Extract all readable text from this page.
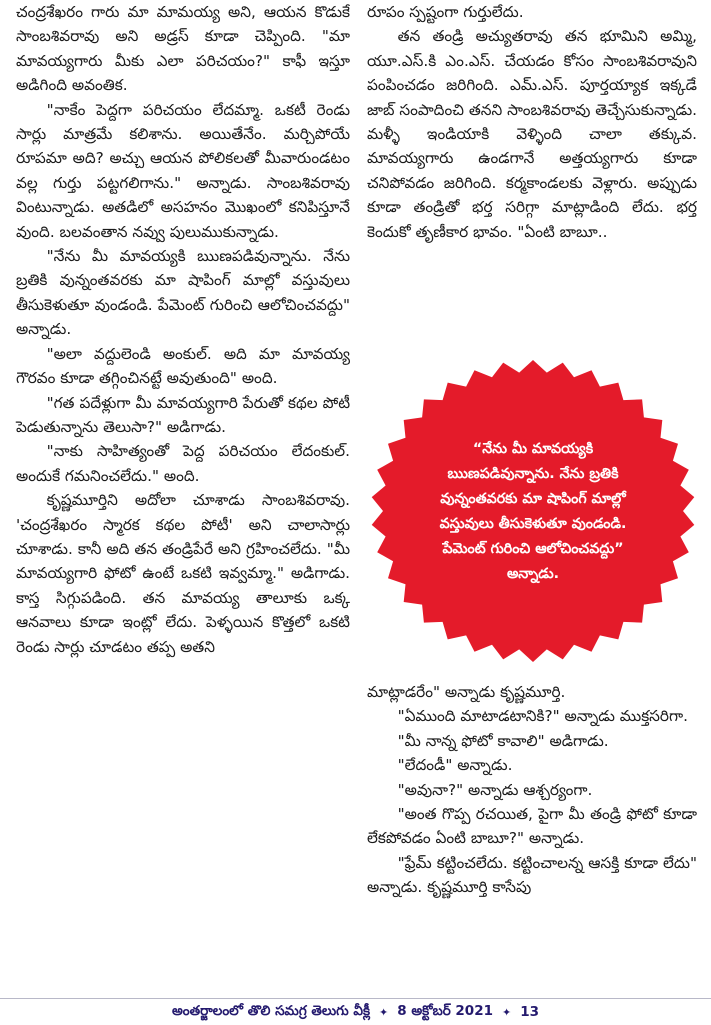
చంద్రశేఖరం గారు మా మామయ్య అని, ఆయన కొడుకే సాంబశివరావు అని అడ్రస్ కూడా చెప్పింది. "మా మావయ్యగారు మీకు ఎలా పరిచయం?" కాఫీ ఇస్తూ అడిగింది అవంతిక.

"నాకేం పెద్దగా పరిచయం లేదమ్మా. ఒకటీ రెండు సార్లు మాత్రమే కలిశాను. అయితేనేం. మర్చిపోయే రూపమా అది? అచ్చు ఆయన పోలికలతో మీవారుండటం వల్ల గుర్తు పట్టగలిగాను." అన్నాడు. సాంబశివరావు వింటున్నాడు. అతడిలో అసహనం మొఖంలో కనిపిస్తూనే వుంది. బలవంతాన నవ్వు పులుముకున్నాడు.

"నేను మీ మావయ్యకి ఋణపడివున్నాను. నేను బ్రతికి వున్నంతవరకు మా షాపింగ్ మాల్లో వస్తువులు తీసుకెళుతూ వుండండి. పేమెంట్ గురించి ఆలోచించవద్దు" అన్నాడు.

"అలా వద్దులెండి అంకుల్. అది మా మావయ్య గౌరవం కూడా తగ్గించినట్టే అవుతుంది" అంది.

"గత పదేళ్లుగా మీ మావయ్యగారి పేరుతో కథల పోటీ పెడుతున్నాను తెలుసా?" అడిగాడు.

"నాకు సాహిత్యంతో పెద్ద పరిచయం లేదంకుల్. అందుకే గమనించలేదు." అంది.

కృష్ణమూర్తిని అదోలా చూశాడు సాంబశివరావు. 'చంద్రశేఖరం స్మారక కథల పోటీ' అని చాలాసార్లు చూశాడు. కానీ అది తన తండ్రిపేరే అని గ్రహించలేదు. "మీ మావయ్యగారి ఫోటో ఉంటే ఒకటి ఇవ్వమ్మా." అడిగాడు. కాస్త సిగ్గుపడింది. తన మావయ్య తాలూకు ఒక్క ఆనవాలు కూడా ఇంట్లో లేదు. పెళ్ళయిన కొత్తలో ఒకటి రెండు సార్లు చూడటం తప్ప అతని

రూపం స్పష్టంగా గుర్తులేదు.

తన తండ్రి అచ్యుతరావు తన భూమిని అమ్మి, యూ.ఎస్.కి ఎం.ఎస్. చేయడం కోసం సాంబశివరావుని పంపించడం జరిగింది. ఎమ్.ఎస్. పూర్తయ్యాక ఇక్కడే జాబ్ సంపాదించి తనని సాంబశివరావు తెచ్చేసుకున్నాడు. మళ్ళీ ఇండియాకి వెళ్ళింది చాలా తక్కువ. మావయ్యగారు ఉండగానే అత్తయ్యగారు కూడా చనిపోవడం జరిగింది. కర్మకాండలకు వెళ్లారు. అప్పుడు కూడా తండ్రితో భర్త సరిగ్గా మాట్లాడింది లేదు. భర్త కెందుకో తృణీకార భావం. "ఏంటి బాబూ..

“నేను మీ మావయ్యకి
ఋణపడివున్నాను. నేను బ్రతికి
వున్నంతవరకు మా షాపింగ్ మాల్లో
వస్తువులు తీసుకెళుతూ వుండండి.
పేమెంట్ గురించి ఆలోచించవద్దు”
అన్నాడు.

మాట్లాడరేం" అన్నాడు కృష్ణమూర్తి.

"ఏముంది మాటాడటానికి?" అన్నాడు ముక్తసరిగా.

"మీ నాన్న ఫోటో కావాలి" అడిగాడు.

"లేదండీ" అన్నాడు.

"అవునా?" అన్నాడు ఆశ్చర్యంగా.

"అంత గొప్ప రచయిత, పైగా మీ తండ్రి ఫోటో కూడా లేకపోవడం ఏంటి బాబూ?" అన్నాడు.

"ఫ్రేమ్ కట్టించలేదు. కట్టించాలన్న ఆసక్తి కూడా లేదు" అన్నాడు. కృష్ణమూర్తి కాసేపు

అంతర్జాలంలో తొలి సమగ్ర తెలుగు వీక్లీ ✦ 8 అక్టోబర్ 2021 ✦ 13
